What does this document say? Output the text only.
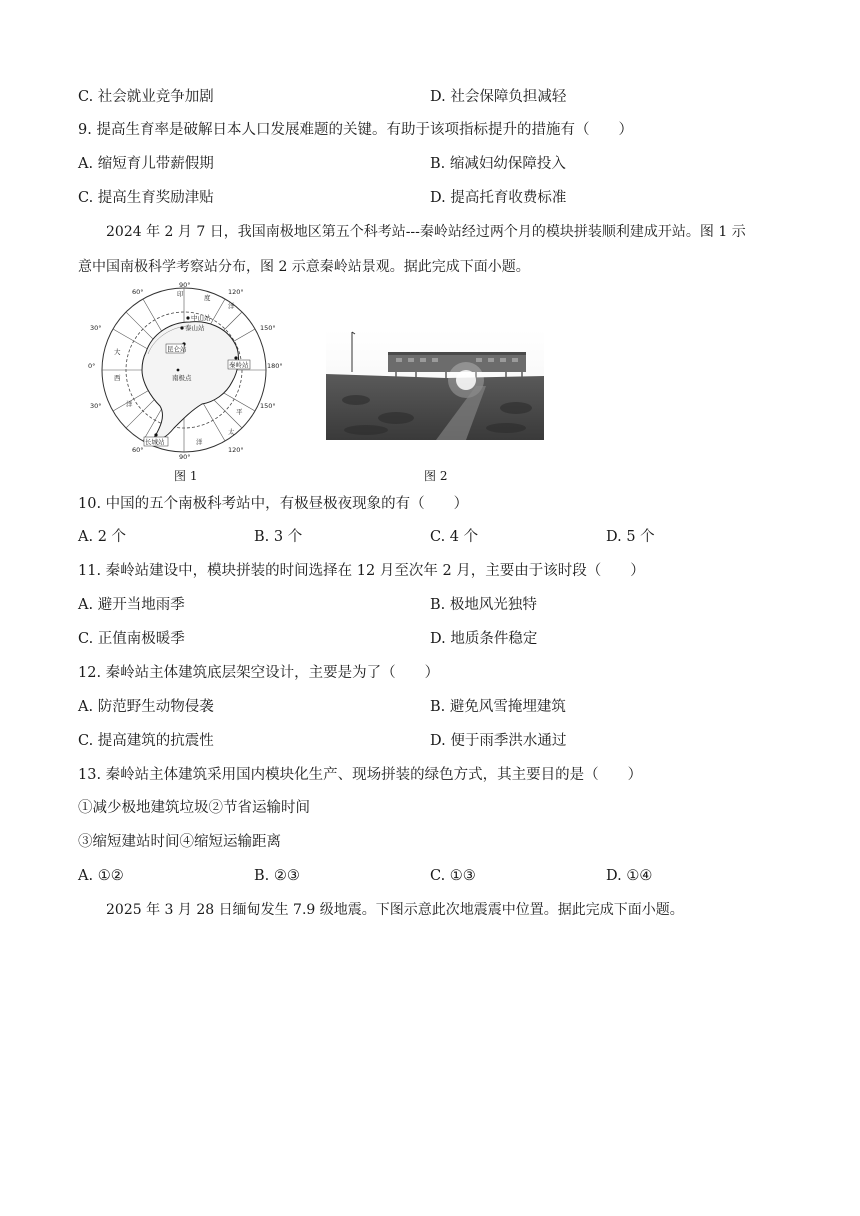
C. 社会就业竞争加剧	D. 社会保障负担减轻
9. 提高生育率是破解日本人口发展难题的关键。有助于该项指标提升的措施有（　　）
A. 缩短育儿带薪假期	B. 缩减妇幼保障投入
C. 提高生育奖励津贴	D. 提高托育收费标准
2024 年 2 月 7 日，我国南极地区第五个科考站---秦岭站经过两个月的模块拼装顺利建成开站。图 1 示
意中国南极科学考察站分布，图 2 示意秦岭站景观。据此完成下面小题。
南极点
中山站
泰山站
昆仑站
秦岭站
长城站
印	度
洋
大
西
洋
太
平
洋
90°
60°	120°
150°
180°
150°
120°
90°
60°
30°
0°
30°
图 1	图 2
10. 中国的五个南极科考站中，有极昼极夜现象的有（　　）
A. 2 个	B. 3 个	C. 4 个	D. 5 个
11. 秦岭站建设中，模块拼装的时间选择在 12 月至次年 2 月，主要由于该时段（　　）
A. 避开当地雨季	B. 极地风光独特
C. 正值南极暖季	D. 地质条件稳定
12. 秦岭站主体建筑底层架空设计，主要是为了（　　）
A. 防范野生动物侵袭	B. 避免风雪掩埋建筑
C. 提高建筑的抗震性	D. 便于雨季洪水通过
13. 秦岭站主体建筑采用国内模块化生产、现场拼装的绿色方式，其主要目的是（　　）
①减少极地建筑垃圾②节省运输时间
③缩短建站时间④缩短运输距离
A. ①②	B. ②③	C. ①③	D. ①④
2025 年 3 月 28 日缅甸发生 7.9 级地震。下图示意此次地震震中位置。据此完成下面小题。
